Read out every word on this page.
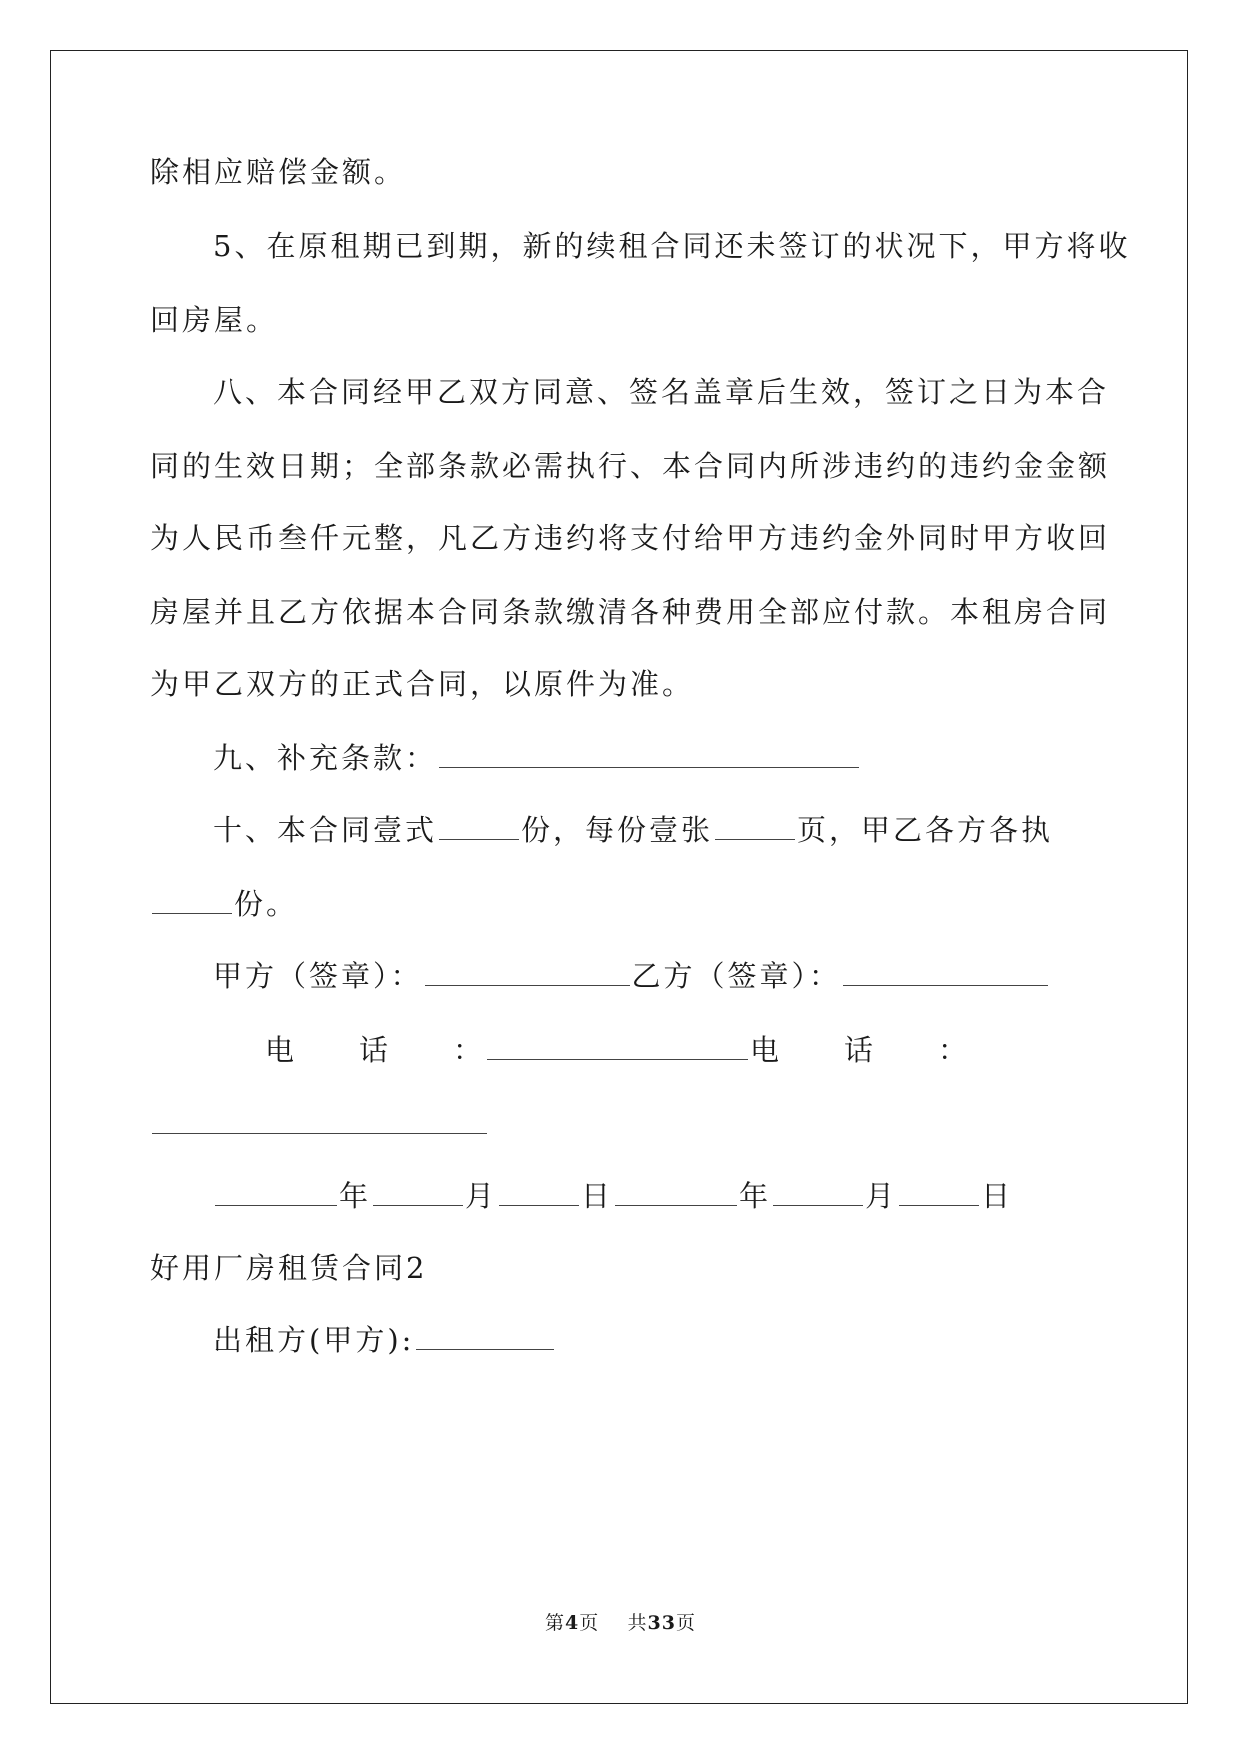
除相应赔偿金额。
5、在原租期已到期，新的续租合同还未签订的状况下，甲方将收
回房屋。
八、本合同经甲乙双方同意、签名盖章后生效，签订之日为本合
同的生效日期；全部条款必需执行、本合同内所涉违约的违约金金额
为人民币叁仟元整，凡乙方违约将支付给甲方违约金外同时甲方收回
房屋并且乙方依据本合同条款缴清各种费用全部应付款。本租房合同
为甲乙双方的正式合同，以原件为准。
九、补充条款：
十、本合同壹式	份，每份壹张	页，甲乙各方各执
份。
甲方（签章）：	乙方（签章）：
电 话 ：	电 话 ：
年	月	日	年	月	日
好用厂房租赁合同2
出租方(甲方):
第4页 共33页
